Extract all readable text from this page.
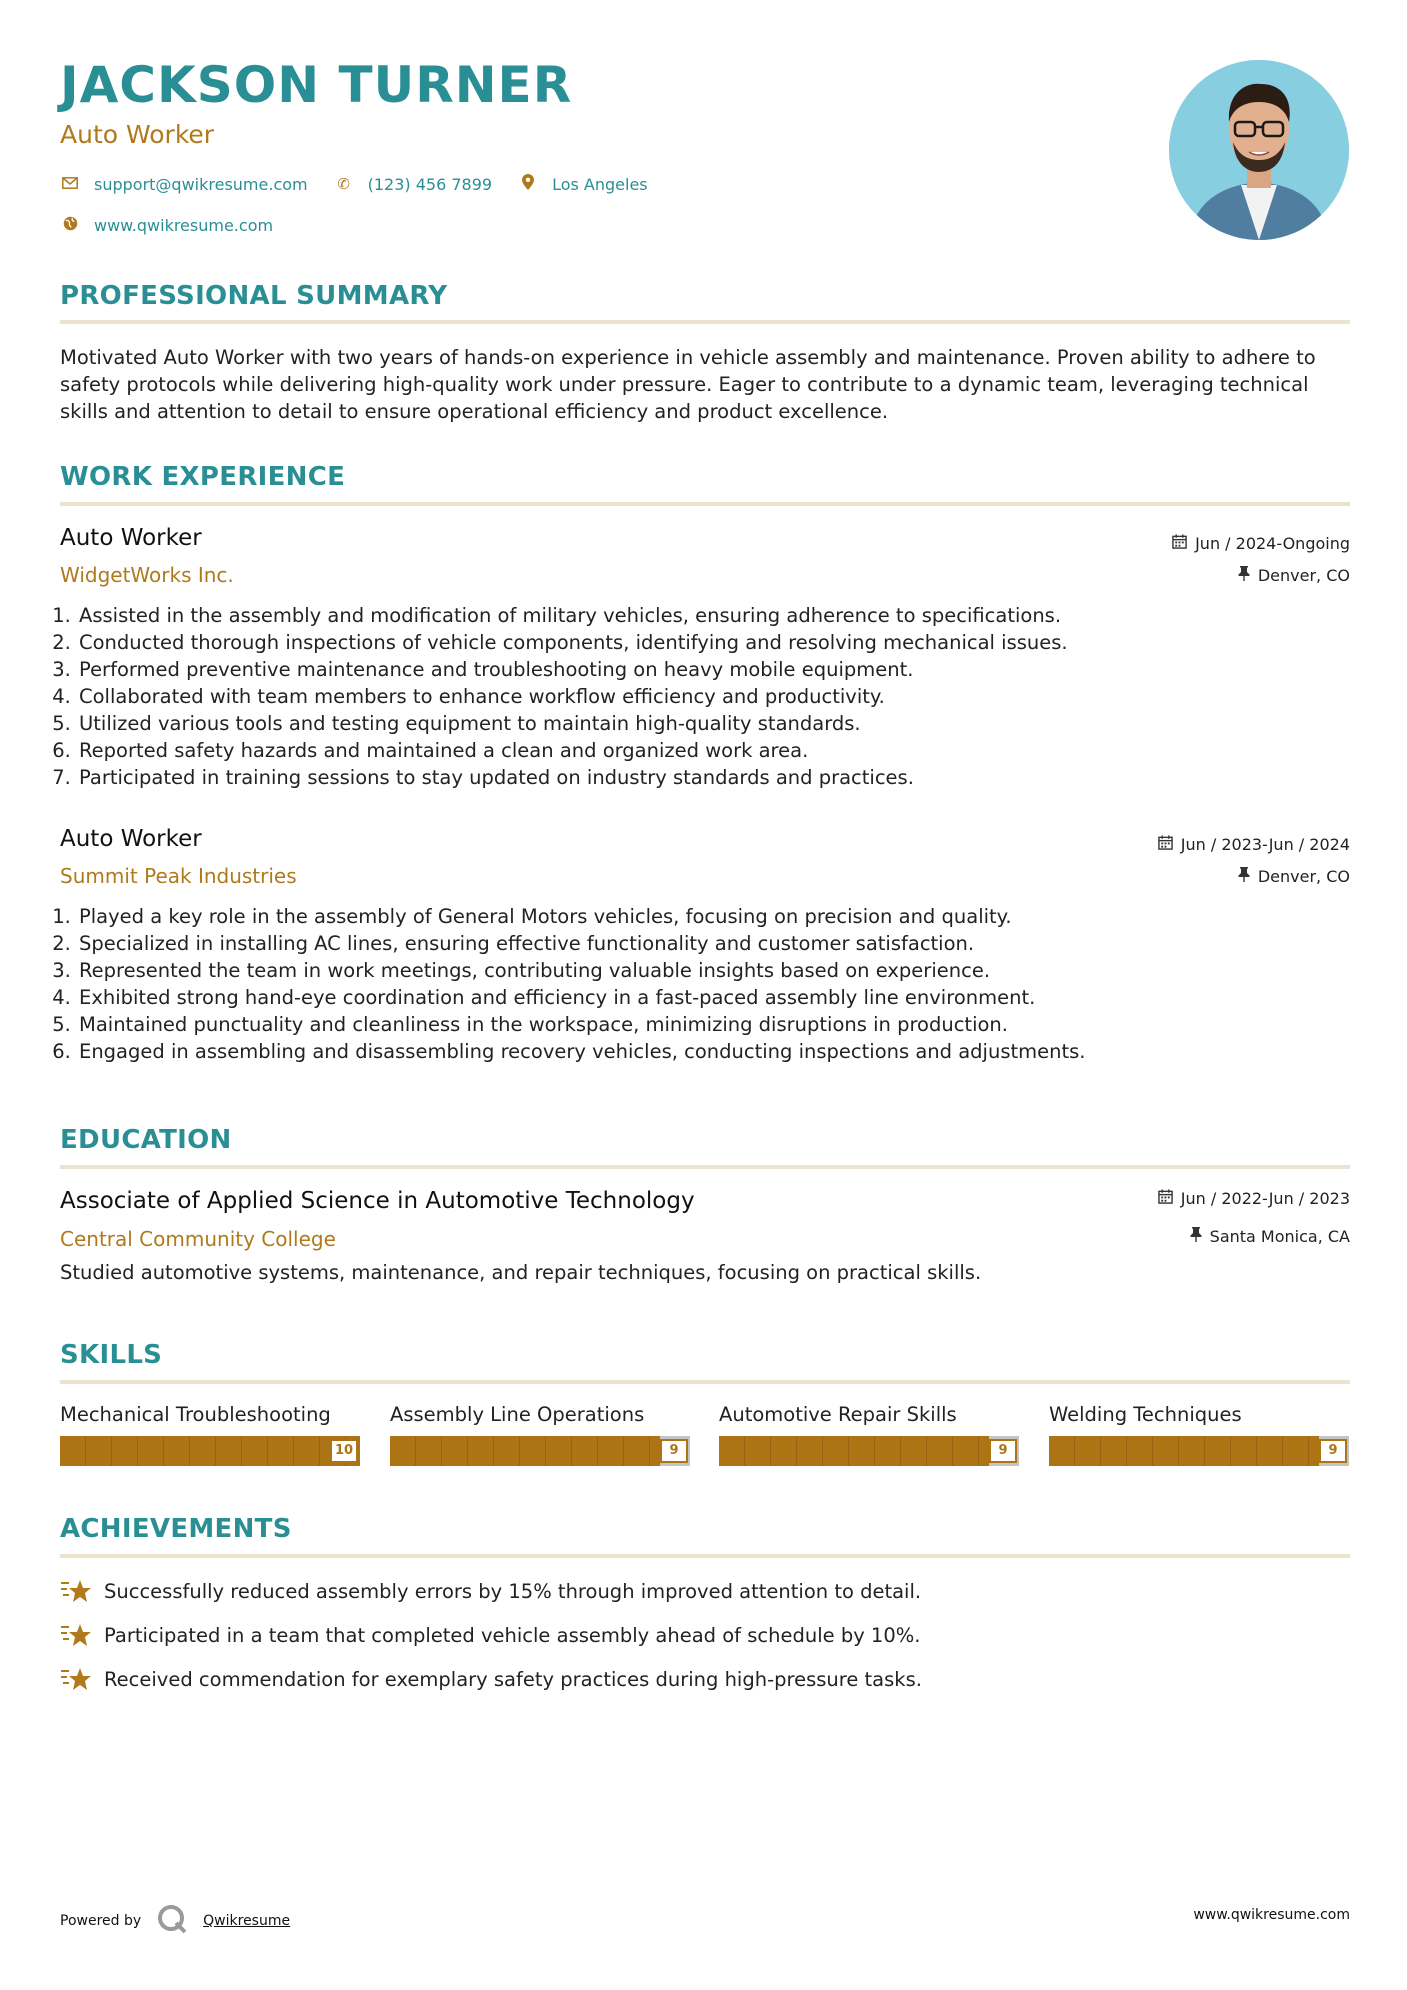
JACKSON TURNER
Auto Worker
support@qwikresume.com ✆ (123) 456 7899	Los Angeles
www.qwikresume.com
PROFESSIONAL SUMMARY

Motivated Auto Worker with two years of hands-on experience in vehicle assembly and maintenance. Proven ability to adhere to safety protocols while delivering high-quality work under pressure. Eager to contribute to a dynamic team, leveraging technical skills and attention to detail to ensure operational efficiency and product excellence.

WORK EXPERIENCE
Auto Worker
WidgetWorks Inc.
Jun / 2024-Ongoing
Denver, CO
1. Assisted in the assembly and modification of military vehicles, ensuring adherence to specifications.
2. Conducted thorough inspections of vehicle components, identifying and resolving mechanical issues.
3. Performed preventive maintenance and troubleshooting on heavy mobile equipment.
4. Collaborated with team members to enhance workflow efficiency and productivity.
5. Utilized various tools and testing equipment to maintain high-quality standards.
6. Reported safety hazards and maintained a clean and organized work area.
7. Participated in training sessions to stay updated on industry standards and practices.
Auto Worker
Summit Peak Industries
Jun / 2023-Jun / 2024
Denver, CO
1. Played a key role in the assembly of General Motors vehicles, focusing on precision and quality.
2. Specialized in installing AC lines, ensuring effective functionality and customer satisfaction.
3. Represented the team in work meetings, contributing valuable insights based on experience.
4. Exhibited strong hand-eye coordination and efficiency in a fast-paced assembly line environment.
5. Maintained punctuality and cleanliness in the workspace, minimizing disruptions in production.
6. Engaged in assembling and disassembling recovery vehicles, conducting inspections and adjustments.
EDUCATION
Associate of Applied Science in Automotive Technology
Central Community College
Jun / 2022-Jun / 2023
Santa Monica, CA

Studied automotive systems, maintenance, and repair techniques, focusing on practical skills.

SKILLS
Mechanical Troubleshooting
10
Assembly Line Operations
9
Automotive Repair Skills
9
Welding Techniques
9
ACHIEVEMENTS
Successfully reduced assembly errors by 15% through improved attention to detail.
Participated in a team that completed vehicle assembly ahead of schedule by 10%.
Received commendation for exemplary safety practices during high-pressure tasks.
Powered by	Qwikresume	www.qwikresume.com
